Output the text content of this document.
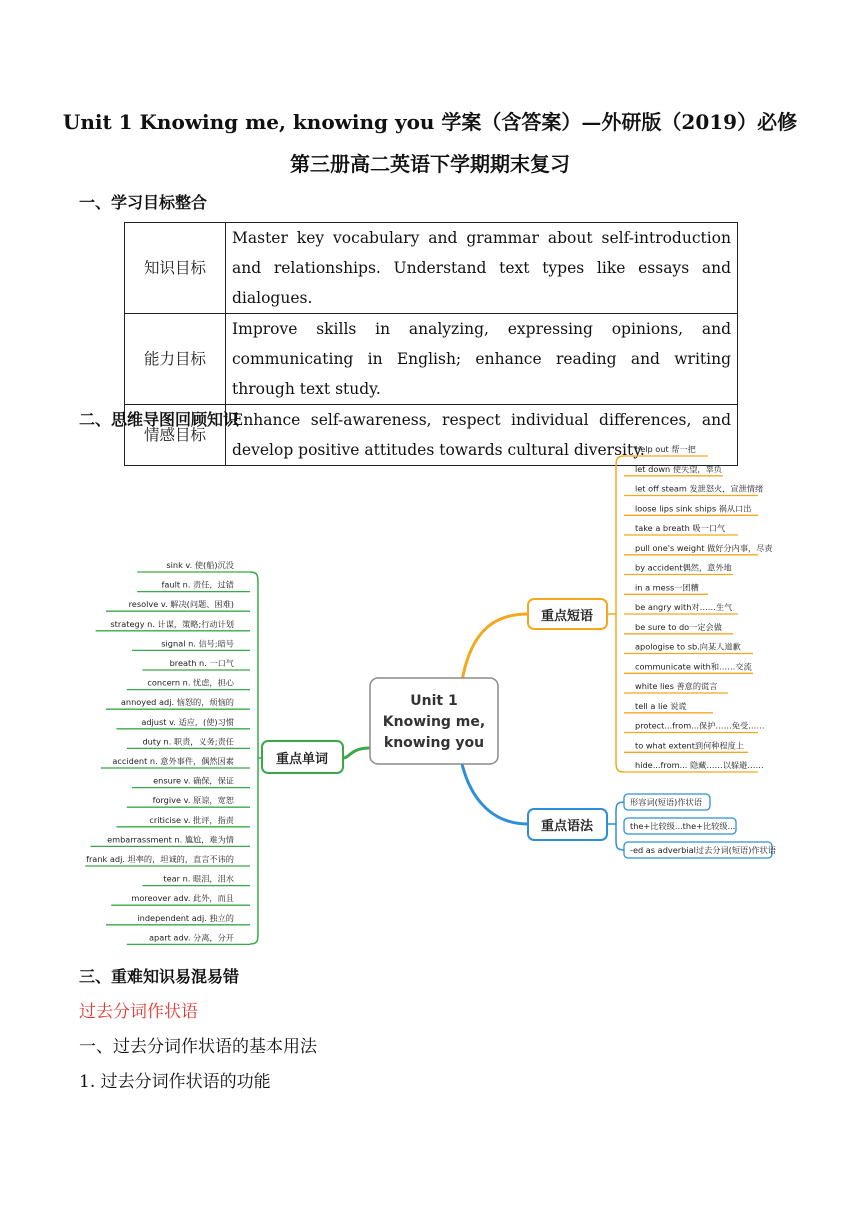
Unit 1 Knowing me, knowing you 学案（含答案）—外研版（2019）必修
第三册高二英语下学期期末复习
一、学习目标整合
知识目标	Master key vocabulary and grammar about self-introduction and relationships. Understand text types like essays and dialogues.
能力目标	Improve skills in analyzing, expressing opinions, and communicating in English; enhance reading and writing through text study.
情感目标	Enhance self-awareness, respect individual differences, and develop positive attitudes towards cultural diversity.
二、思维导图回顾知识
Unit 1
Knowing me,
knowing you
重点单词
重点短语
重点语法
sink v. 使(船)沉没
fault n. 责任，过错
resolve v. 解决(问题、困难)
strategy n. 计谋，策略;行动计划
signal n. 信号;暗号
breath n. 一口气
concern n. 忧虑，担心
annoyed adj. 恼怒的，烦恼的
adjust v. 适应，(使)习惯
duty n. 职责，义务;责任
accident n. 意外事件，偶然因素
ensure v. 确保，保证
forgive v. 原谅，宽恕
criticise v. 批评，指责
embarrassment n. 尴尬，难为情
frank adj. 坦率的，坦诚的，直言不讳的
tear n. 眼泪，泪水
moreover adv. 此外，而且
independent adj. 独立的
apart adv. 分离，分开
help out 帮一把
let down 使失望，辜负
let off steam 发泄怒火，宣泄情绪
loose lips sink ships 祸从口出
take a breath 吸一口气
pull one's weight 做好分内事，尽责
by accident偶然，意外地
in a mess一团糟
be angry with对……生气
be sure to do一定会做
apologise to sb.向某人道歉
communicate with和……交流
white lies 善意的谎言
tell a lie 说谎
protect...from...保护……免受……
to what extent到何种程度上
hide...from... 隐藏……以躲避……
形容词(短语)作状语
the+比较级...the+比较级...
-ed as adverbial过去分词(短语)作状语
三、重难知识易混易错
过去分词作状语
一、过去分词作状语的基本用法
1. 过去分词作状语的功能
